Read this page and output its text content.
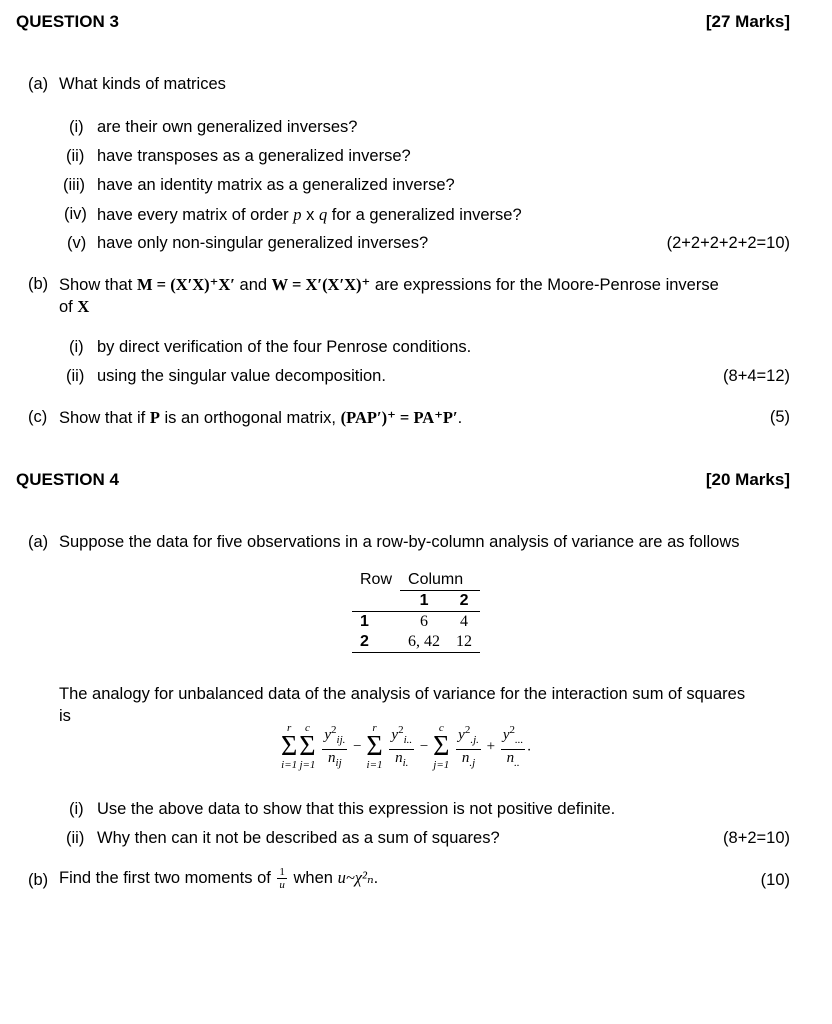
QUESTION 3	[27 Marks]
(a) What kinds of matrices
(i) are their own generalized inverses?
(ii) have transposes as a generalized inverse?
(iii) have an identity matrix as a generalized inverse?
(iv) have every matrix of order p x q for a generalized inverse?
(v) have only non-singular generalized inverses?	(2+2+2+2+2=10)
(b) Show that M = (X′X)⁺X′ and W = X′(X′X)⁺ are expressions for the Moore-Penrose inverse
of X
(i) by direct verification of the four Penrose conditions.
(ii) using the singular value decomposition.	(8+4=12)
(c) Show that if P is an orthogonal matrix, (PAP′)⁺ = PA⁺P′.	(5)
QUESTION 4	[20 Marks]
(a) Suppose the data for five observations in a row-by-column analysis of variance are as follows
Row	Column	
	1	2
1	6	4
2	6, 42	12
The analogy for unbalanced data of the analysis of variance for the interaction sum of squares
is
r
Σ
i=1
c
Σ
j=1
$\frac{y^2_{ij.}}{n_{ij}}$ −
r
Σ
i=1
$\frac{y^2_{i..}}{n_{i.}}$ −
c
Σ
j=1
$\frac{y^2_{.j.}}{n_{.j}} + \frac{y^2_{...}}{n_{..}}$ .
(i) Use the above data to show that this expression is not positive definite.
(ii) Why then can it not be described as a sum of squares?	(8+2=10)
(b) Find the first two moments of $\frac{1}{u}$ when u~χ²ₙ.	(10)
